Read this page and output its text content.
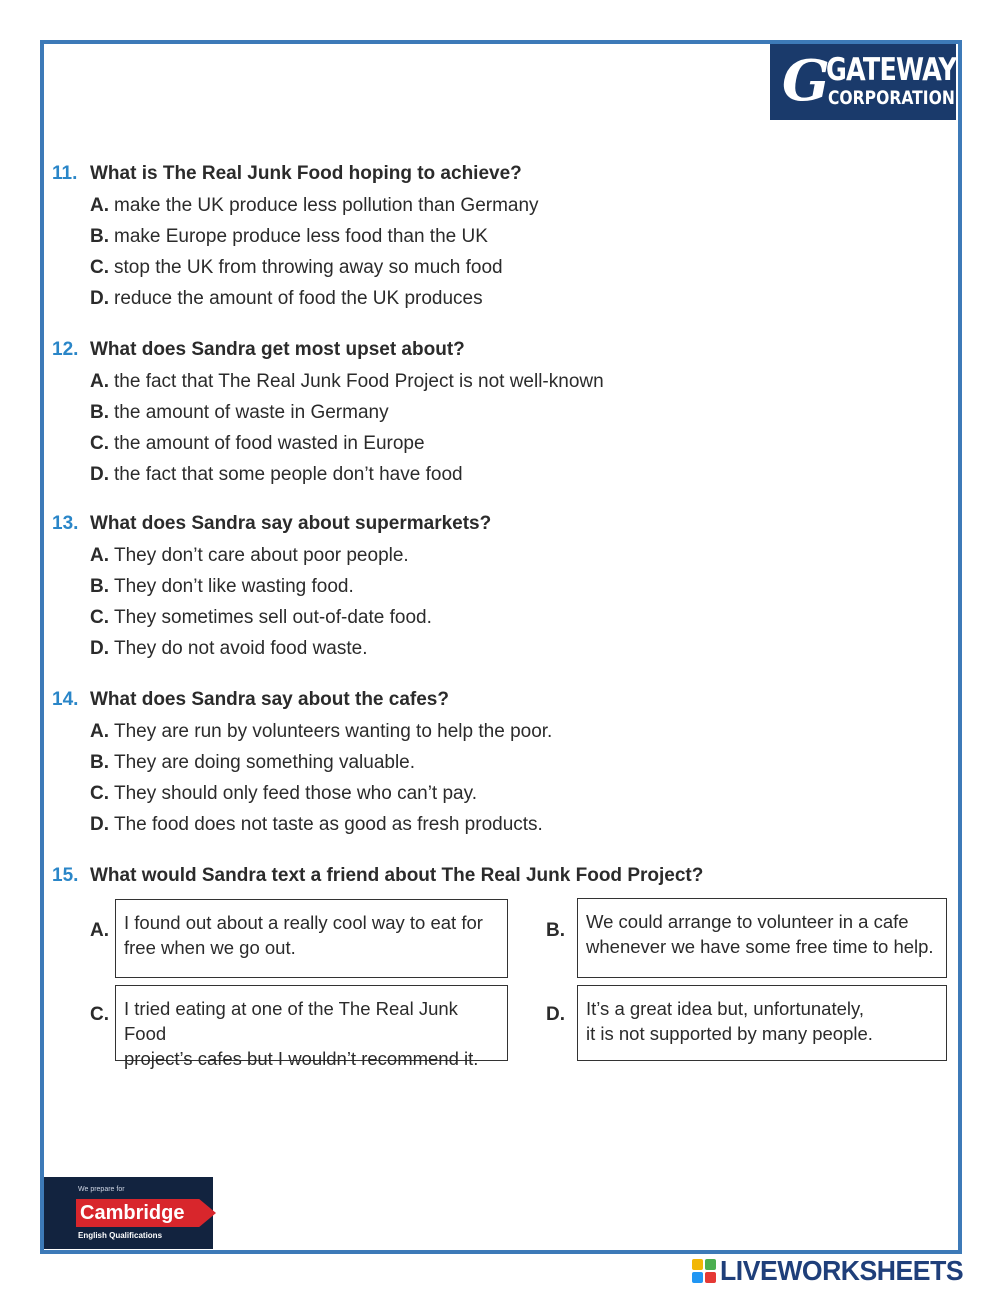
G
GATEWAY
CORPORATION
11. What is The Real Junk Food hoping to achieve?
A. make the UK produce less pollution than Germany
B. make Europe produce less food than the UK
C. stop the UK from throwing away so much food
D. reduce the amount of food the UK produces
12. What does Sandra get most upset about?
A. the fact that The Real Junk Food Project is not well-known
B. the amount of waste in Germany
C. the amount of food wasted in Europe
D. the fact that some people don’t have food
13. What does Sandra say about supermarkets?
A. They don’t care about poor people.
B. They don’t like wasting food.
C. They sometimes sell out-of-date food.
D. They do not avoid food waste.
14. What does Sandra say about the cafes?
A. They are run by volunteers wanting to help the poor.
B. They are doing something valuable.
C. They should only feed those who can’t pay.
D. The food does not taste as good as fresh products.
15. What would Sandra text a friend about The Real Junk Food Project?
A. I found out about a really cool way to eat for
free when we go out.
B.	We could arrange to volunteer in a cafe
whenever we have some free time to help.
C. I tried eating at one of the The Real Junk Food
project’s cafes but I wouldn’t recommend it.
D.	It’s a great idea but, unfortunately,
it is not supported by many people.
We prepare for
Cambridge
English Qualifications
LIVEWORKSHEETS
